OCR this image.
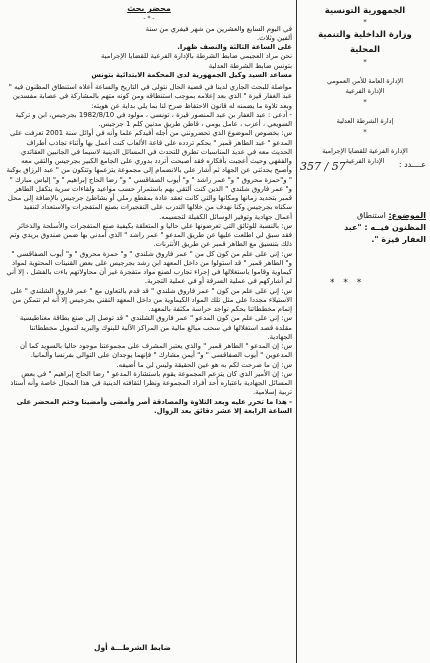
الجمهورية التونسية
*
وزارة الداخلية والتنمية
المحلية
*
الإدارة العامة للأمن العمومي
الإدارة الفرعية
*
إدارة الشرطة العدلية
*
الإدارة الفرعية للقضايا الإجرامية
الإدارة الفرعية	عــــدد :
57 / 357
الموضوع: استنطاق
المظنون فيــه : "عبد
الغفار قيزة ".
* * *
محضر بحث
- * -

في اليوم السابع والعشرين من شهر فيفري من سنة

ألفين وثلاث.

على الساعة الثالثة والنصف ظهرا.

نحن مراد العجيمي ضابط الشرطة بالإدارة الفرعية للقضايا الإجرامية

بتونس ضابط الشرطة العدلية

مساعد السيد وكيل الجمهورية لدى المحكمة الابتدائية بتونس

مواصلة للبحث الجاري لدينا في قضية الحال نتولى في التاريخ والساعة أعلاه استنطاق المظنون فيه " عبد الغفار قيزة " الذي بعد إعلامه بموجب استنطاقه ومن كونه متهم بالمشاركة في عصابة مفسدين وبعد تلاوة ما يضمنه له قانون الاحتفاظ صرح لنا بما يلي بداية عن هويته:

- أدعى : عبد الغفار بن عبد المنصور قيزة ، تونسي ، مولود في 1982/8/10 بجرجيس، ابن و تركية السويعي ، أعزب ، عامل يومي ، قاطن طريق مدنين كلم 1 جرجيس.

س: بخصوص الموضوع الذي تحضرونني من أجله أفيدكم علما وأنه في أوائل سنة 2001 تعرفت على المدعو " عبد الطاهر قمبر " بحكم تردده على قاعة الألعاب كنت أعمل بها وأثناء تجاذب أطراف الحديث معه في عديد المناسبات تطرق للتحدث في المسائل الدينية لاسيما في الجانبين العقائدي والفقهي وحيث أعجبت بأفكاره فقد أصبحت أتردد بدوري على الجامع الكبير بجرجيس والتقي معه وأصبح يحدثني عن الجهاد ثم أشار علي بالانضمام إلى مجموعة يتزعمها وتتكون من " عبد الرزاق بوكبة " و"حمزة محروق " و" عمر راشد " و" أيوب الصفاقسي " و" رضا الحاج إبراهيم " و" إلياس مبارك " و" عمر فاروق شلندي " الذين كنت ألتقي بهم باستمرار حسب مواعيد ولقاءات سرية يتكفل الطاهر قمبر بتحديد زمانها ومكانها والتي كانت تعقد عادة بمقطع رملي أو بشاطئ جرجيس بالإضافة إلى محل سكناه بجرجيس وكنا نهدف من خلالها التدرب على التفجيرات بصنع المتفجرات والاستعداد لتنفيذ أعمال جهادية وتوفير الوسائل الكفيلة لتجسيمه.

س: بالنسبة للوثائق التي تعرضونها علي حاليا و المتعلقة بكيفية صنع المتفجرات والأسلحة والذخائر فقد سبق لي اطلعت عليها عن طريق المدعو " عمر راشد " الذي أمدني بها ضمن صندوق بريدي وتم ذلك بتنسيق مع الطاهر قمبر عن طريق الأنترنات.

س: إني على علم من كون كل من " عمر فاروق شلندي " و" حمزة محروق " و" أيوب الصفاقسي " و" الطاهر قمبر " قد استولوا من داخل المعهد ابن رشد بجرجيس على بعض القنينات المحتوية لمواد كيماوية وقاموا باستغلالها في إجراء تجارب لصنع مواد متفجرة غير أن محاولاتهم باءت بالفشل ، إلا أني لم أشاركهم في عملية السرقة أو في عملية التجربة.

س: إني على علم من كون " عمر فاروق شلندي " قد قدم بالتعاون مع " عمر فاروق الشلندي " على الاستيلاء مجددا على مثل تلك المواد الكيماوية من داخل المعهد التقني بجرجيس إلا أنه لم تتمكن من إتمام مخططاتنا بحكم تواجد حراسة مكثفة بالمعهد.

س: إني على علم من كون المدعو " عمر فاروق الشلندي " قد توصل إلى صنع بطاقة مغناطيسية مقلدة قصد استغلالها في سحب مبالغ مالية من المراكز الآلية للبنوك والبريد لتمويل مخططاتنا الجهادية.

س: إن المدعو " الطاهر قمبر " والذي يعتبر المشرف على مجموعتنا موجود حاليا بالسويد كما أن المدعوين " أيوب الصفاقسي " و" أيمن مشارك " فإنهما يوجدان على التوالي بفرنسا وألمانيا.

س: إن ما صرحت لكم به هو عين الحقيقة وليس لي ما أضيفه.

س: إن الأمير الذي كان يتزعم المجموعة يقوم باستشارة المدعو " رضا الحاج إبراهيم " في بعض المسائل الجهادية باعتباره أحد أفراد المجموعة ونظرا لثقافته الدينية في هذا المجال خاصة وأنه أستاذ تربية إسلامية.

- هذا ما تحرر عليه وبعد التلاوة والمصادقة أصر وأمضى وأمضينا وختم المحضر على الساعة الرابعة إلا عشر دقائق بعد الزوال.

ضابط الشرطـــة أول
